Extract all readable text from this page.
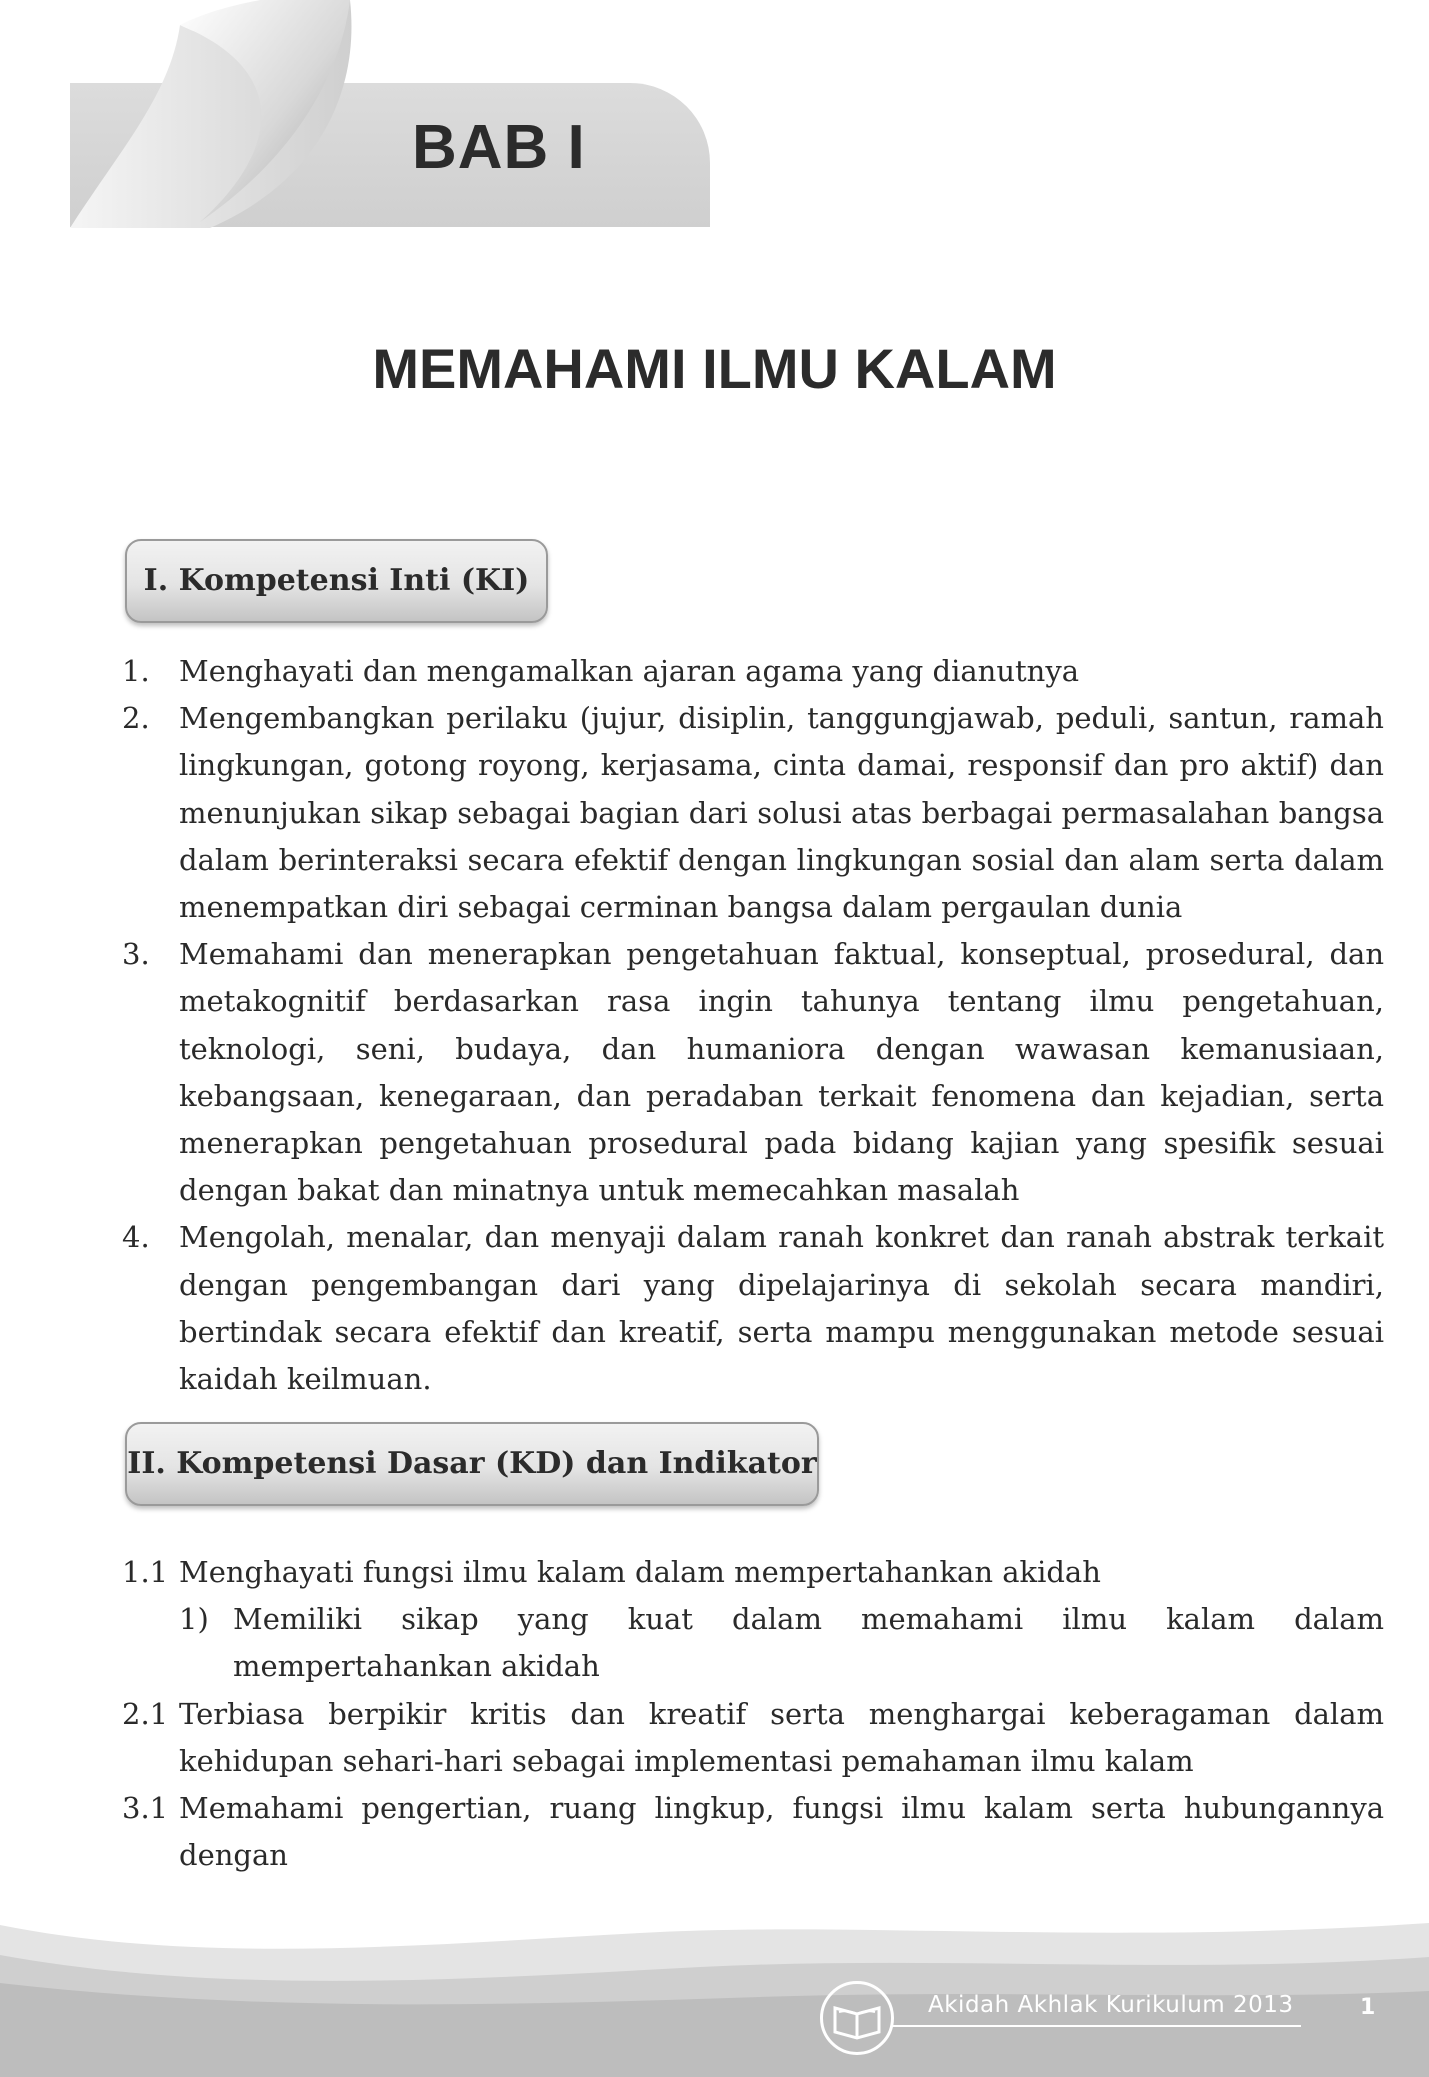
BAB I
MEMAHAMI ILMU KALAM
I. Kompetensi Inti (KI)
1.	Menghayati dan mengamalkan ajaran agama yang dianutnya
2.	Mengembangkan perilaku (jujur, disiplin, tanggungjawab, peduli, santun, ramah lingkungan, gotong royong, kerjasama, cinta damai, responsif dan pro aktif) dan menunjukan sikap sebagai bagian dari solusi atas berbagai permasalahan bangsa dalam berinteraksi secara efektif dengan lingkungan sosial dan alam serta dalam menempatkan diri sebagai cerminan bangsa dalam pergaulan dunia
3.	Memahami dan menerapkan pengetahuan faktual, konseptual, prosedural, dan metakognitif berdasarkan rasa ingin tahunya tentang ilmu pengetahuan, teknologi, seni, budaya, dan humaniora dengan wawasan kemanusiaan, kebangsaan, kenegaraan, dan peradaban terkait fenomena dan kejadian, serta menerapkan pengetahuan prosedural pada bidang kajian yang spesifik sesuai dengan bakat dan minatnya untuk memecahkan masalah
4.	Mengolah, menalar, dan menyaji dalam ranah konkret dan ranah abstrak terkait dengan pengembangan dari yang dipelajarinya di sekolah secara mandiri, bertindak secara efektif dan kreatif, serta mampu menggunakan metode sesuai kaidah keilmuan.
II. Kompetensi Dasar (KD) dan Indikator
1.1 Menghayati fungsi ilmu kalam dalam mempertahankan akidah
1) Memiliki sikap yang kuat dalam memahami ilmu kalam dalam mempertahankan akidah
2.1 Terbiasa berpikir kritis dan kreatif serta menghargai keberagaman dalam kehidupan sehari-hari sebagai implementasi pemahaman ilmu kalam
3.1 Memahami pengertian, ruang lingkup, fungsi ilmu kalam serta hubungannya dengan
Akidah Akhlak Kurikulum 2013	1
